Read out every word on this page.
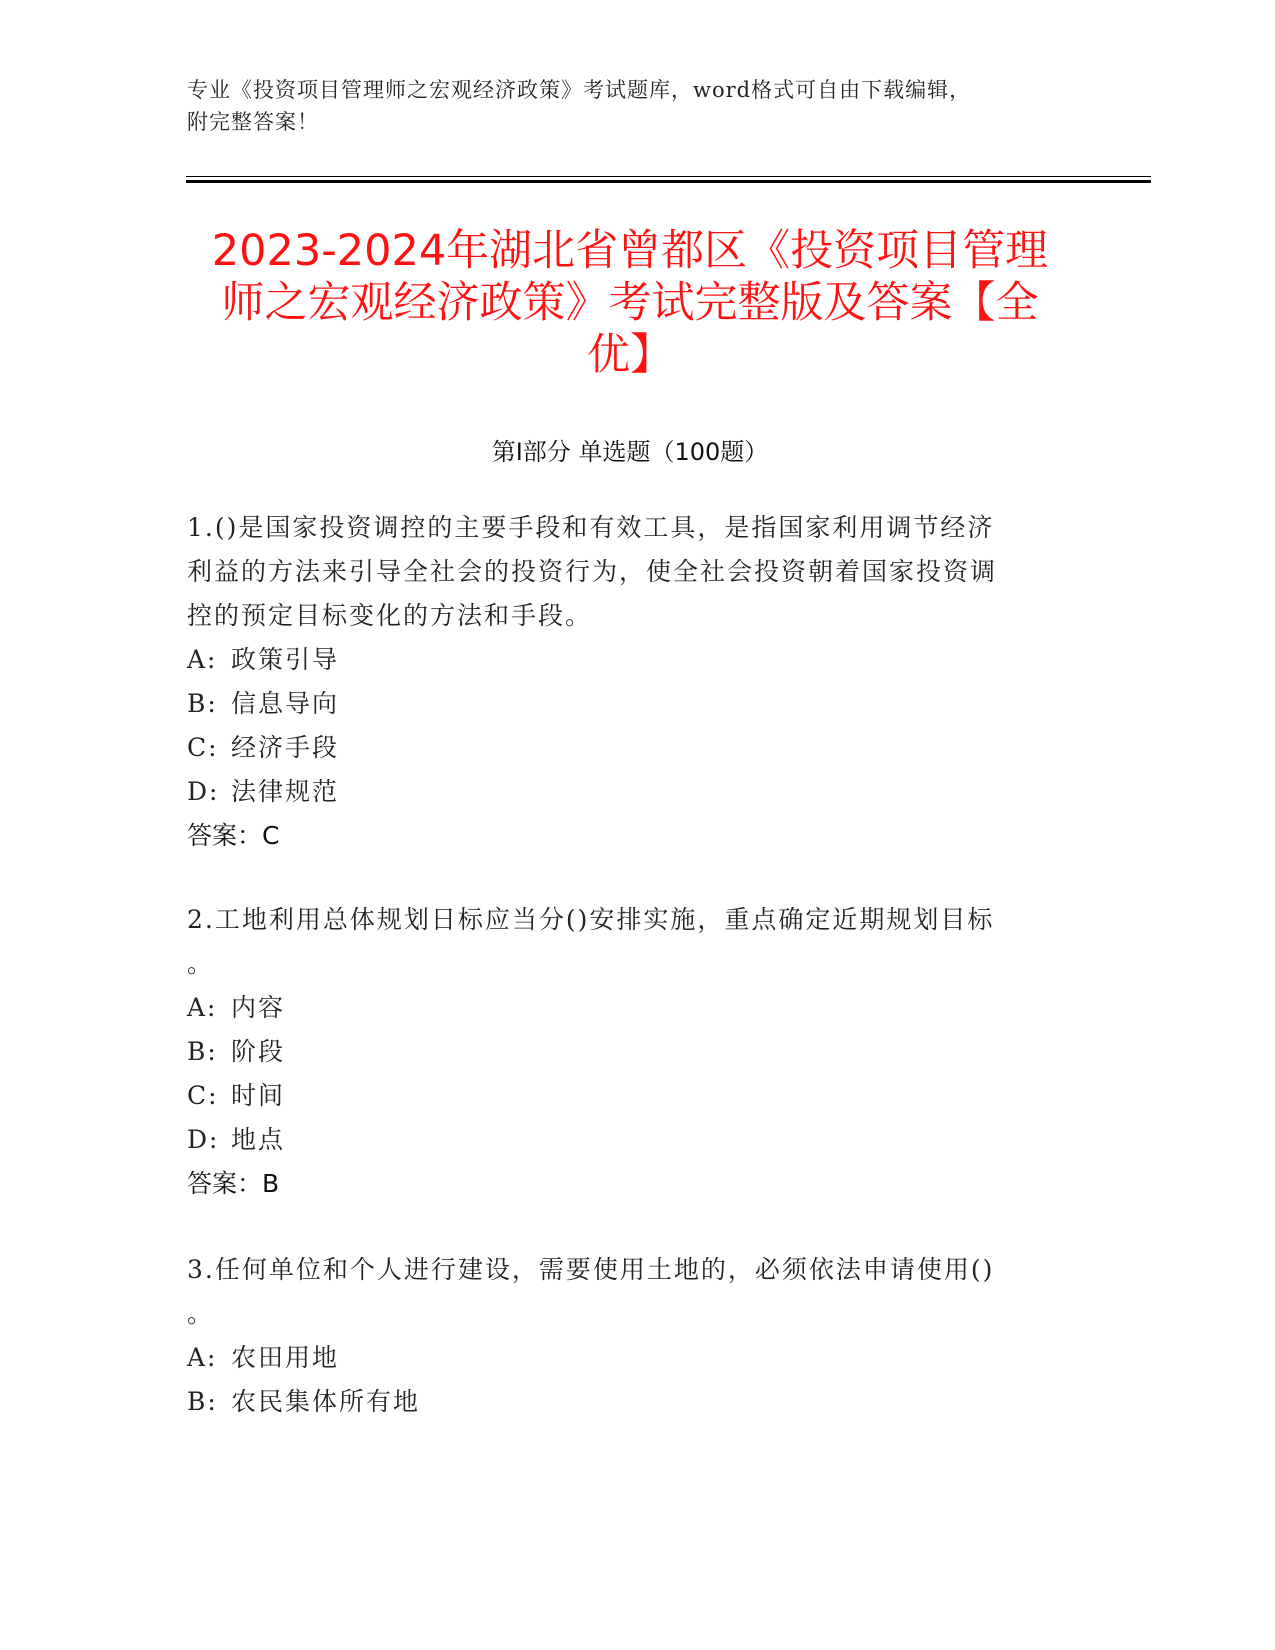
专业《投资项目管理师之宏观经济政策》考试题库，word格式可自由下载编辑，
附完整答案！
2023-2024年湖北省曾都区《投资项目管理
师之宏观经济政策》考试完整版及答案【全
优】
第Ⅰ部分 单选题（100题）
1.()是国家投资调控的主要手段和有效工具，是指国家利用调节经济
利益的方法来引导全社会的投资行为，使全社会投资朝着国家投资调
控的预定目标变化的方法和手段。
A: 政策引导
B: 信息导向
C: 经济手段
D: 法律规范
答案：C
2.工地利用总体规划日标应当分()安排实施，重点确定近期规划目标
。
A: 内容
B: 阶段
C: 时间
D: 地点
答案：B
3.任何单位和个人进行建设，需要使用土地的，必须依法申请使用()
。
A: 农田用地
B: 农民集体所有地
